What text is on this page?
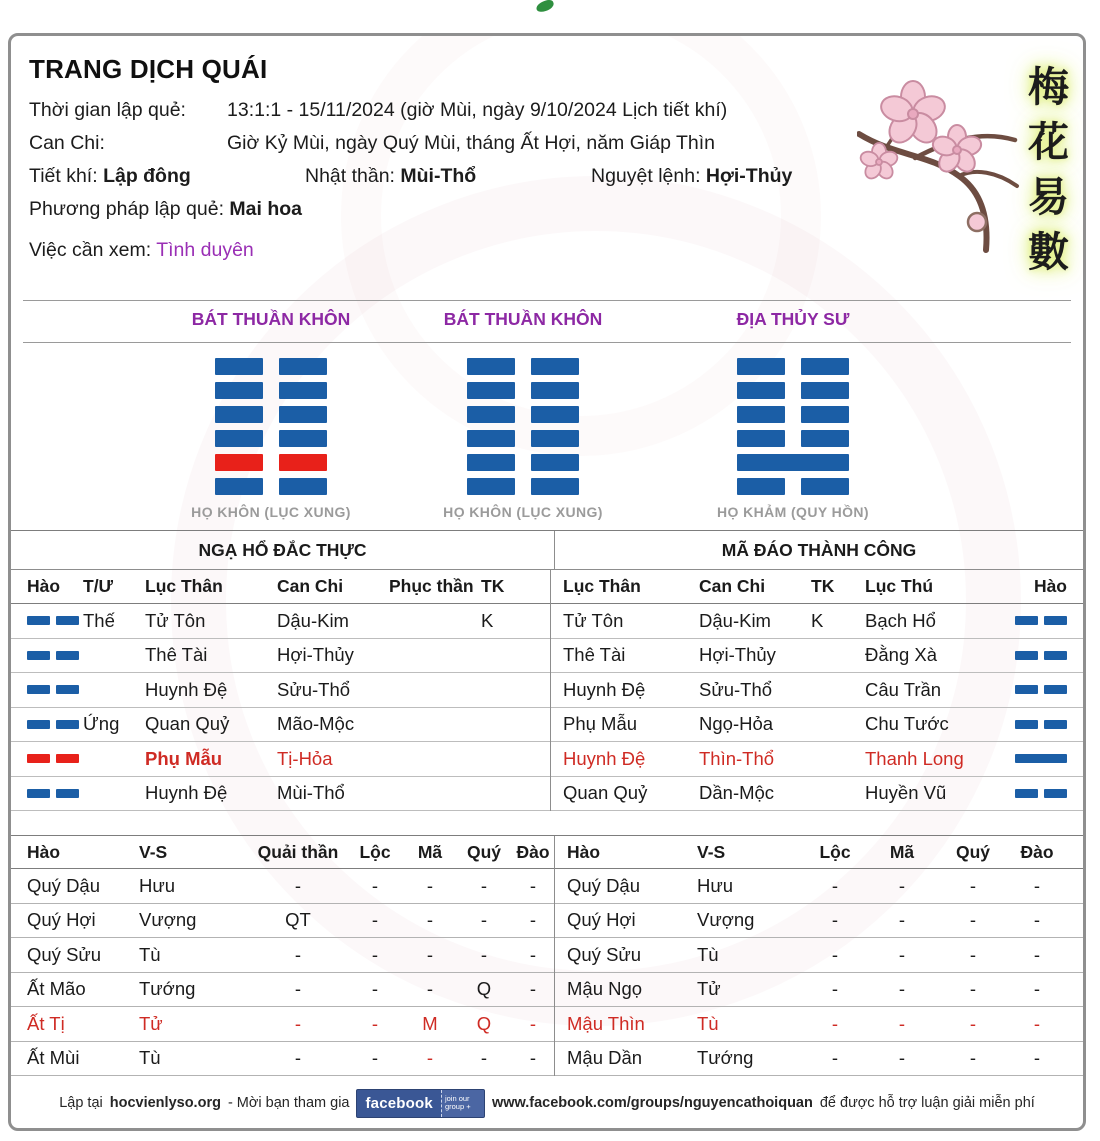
TRANG DỊCH QUÁI	梅
花
易
數
Thời gian lập quẻ: 13:1:1 - 15/11/2024 (giờ Mùi, ngày 9/10/2024 Lịch tiết khí)
Can Chi:	Giờ Kỷ Mùi, ngày Quý Mùi, tháng Ất Hợi, năm Giáp Thìn
Tiết khí: Lập đông	Nhật thần: Mùi-Thổ	Nguyệt lệnh: Hợi-Thủy
Phương pháp lập quẻ: Mai hoa
Việc cần xem: Tình duyên
BÁT THUẦN KHÔN	BÁT THUẦN KHÔN	ĐỊA THỦY SƯ
HỌ KHÔN (LỤC XUNG)	HỌ KHÔN (LỤC XUNG)	HỌ KHẢM (QUY HỒN)
NGẠ HỔ ĐẮC THỰC	MÃ ĐÁO THÀNH CÔNG
Hào	T/Ư	Lục Thân	Can Chi	Phục thần TK
Thế	Tử Tôn	Dậu-Kim	K
Thê Tài	Hợi-Thủy
Huynh Đệ	Sửu-Thổ
Ứng	Quan Quỷ	Mão-Mộc
Phụ Mẫu	Tị-Hỏa
Huynh Đệ	Mùi-Thổ
Lục Thân	Can Chi	TK	Lục Thú	Hào
Tử Tôn	Dậu-Kim	K	Bạch Hổ
Thê Tài	Hợi-Thủy	Đằng Xà
Huynh Đệ	Sửu-Thổ	Câu Trần
Phụ Mẫu	Ngọ-Hỏa	Chu Tước
Huynh Đệ	Thìn-Thổ	Thanh Long
Quan Quỷ	Dần-Mộc	Huyền Vũ
Hào	V-S	Quải thần	Lộc	Mã	Quý Đào
Quý Dậu	Hưu	-	-	-	-	-
Quý Hợi	Vượng	QT	-	-	-	-
Quý Sửu	Tù	-	-	-	-	-
Ất Mão	Tướng	-	-	-	Q	-
Ất Tị	Tử	-	-	M	Q	-
Ất Mùi	Tù	-	-	-	-	-
Hào	V-S	Lộc	Mã	Quý	Đào
Quý Dậu	Hưu	-	-	-	-
Quý Hợi	Vượng	-	-	-	-
Quý Sửu	Tù	-	-	-	-
Mậu Ngọ	Tử	-	-	-	-
Mậu Thìn	Tù	-	-	-	-
Mậu Dần	Tướng	-	-	-	-
Lập tại hocvienlyso.org - Mời bạn tham gia	facebook	join our group +	www.facebook.com/groups/nguyencathoiquan để được hỗ trợ luận giải miễn phí
